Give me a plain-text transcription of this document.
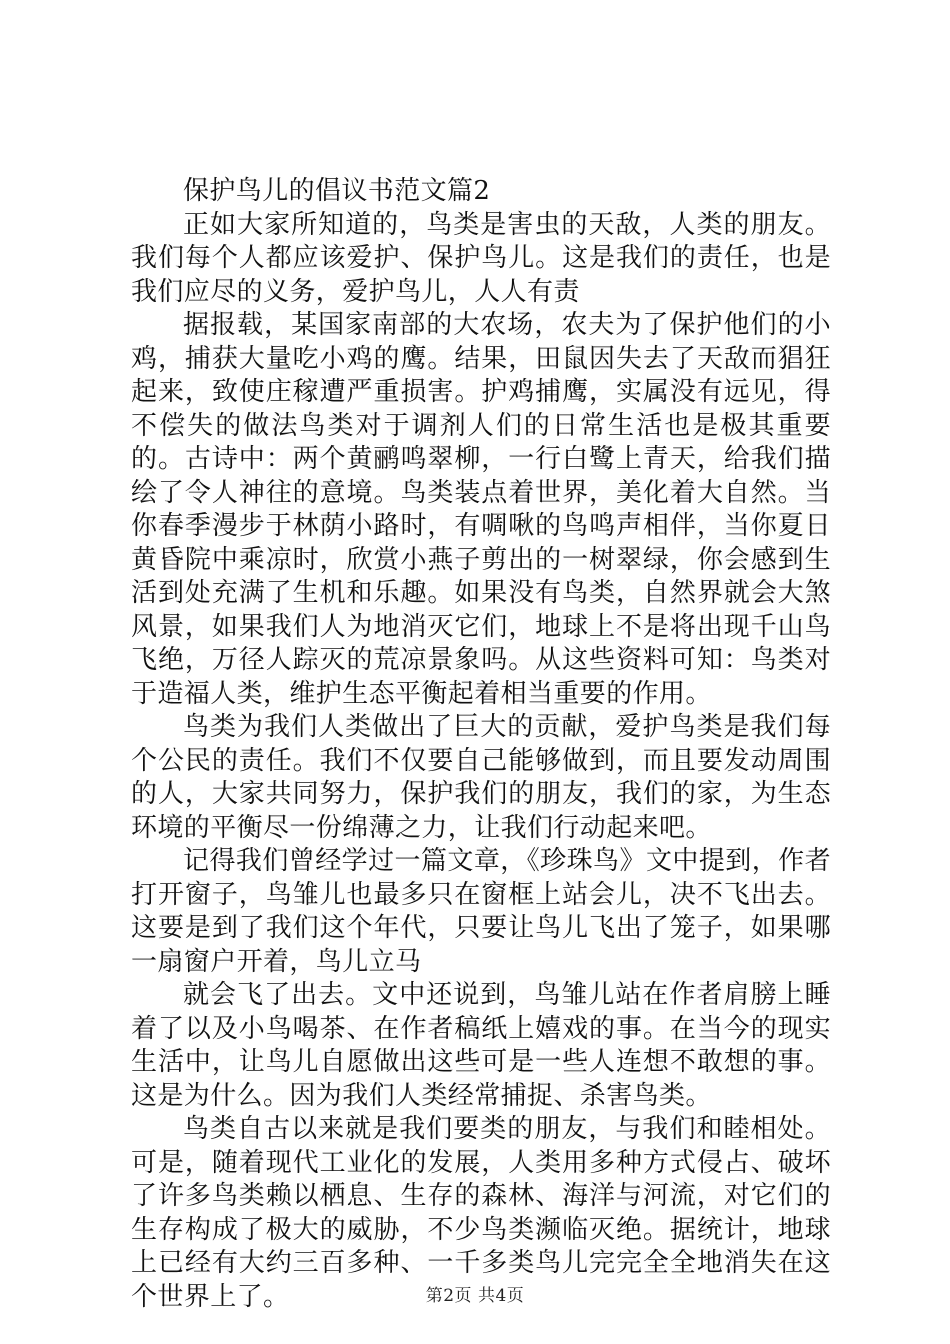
保护鸟儿的倡议书范文篇2

正如大家所知道的，鸟类是害虫的天敌，人类的朋友。我们每个人都应该爱护、保护鸟儿。这是我们的责任，也是我们应尽的义务，爱护鸟儿，人人有责

据报载，某国家南部的大农场，农夫为了保护他们的小鸡，捕获大量吃小鸡的鹰。结果，田鼠因失去了天敌而猖狂起来，致使庄稼遭严重损害。护鸡捕鹰，实属没有远见，得不偿失的做法鸟类对于调剂人们的日常生活也是极其重要的。古诗中：两个黄鹂鸣翠柳，一行白鹭上青天，给我们描绘了令人神往的意境。鸟类装点着世界，美化着大自然。当你春季漫步于林荫小路时，有啁啾的鸟鸣声相伴，当你夏日黄昏院中乘凉时，欣赏小燕子剪出的一树翠绿，你会感到生活到处充满了生机和乐趣。如果没有鸟类，自然界就会大煞风景，如果我们人为地消灭它们，地球上不是将出现千山鸟飞绝，万径人踪灭的荒凉景象吗。从这些资料可知：鸟类对于造福人类，维护生态平衡起着相当重要的作用。

鸟类为我们人类做出了巨大的贡献，爱护鸟类是我们每个公民的责任。我们不仅要自己能够做到，而且要发动周围的人，大家共同努力，保护我们的朋友，我们的家，为生态环境的平衡尽一份绵薄之力，让我们行动起来吧。

记得我们曾经学过一篇文章，《珍珠鸟》文中提到，作者打开窗子，鸟雏儿也最多只在窗框上站会儿，决不飞出去。这要是到了我们这个年代，只要让鸟儿飞出了笼子，如果哪一扇窗户开着，鸟儿立马

就会飞了出去。文中还说到，鸟雏儿站在作者肩膀上睡着了以及小鸟喝茶、在作者稿纸上嬉戏的事。在当今的现实生活中，让鸟儿自愿做出这些可是一些人连想不敢想的事。这是为什么。因为我们人类经常捕捉、杀害鸟类。

鸟类自古以来就是我们要类的朋友，与我们和睦相处。可是，随着现代工业化的发展，人类用多种方式侵占、破坏了许多鸟类赖以栖息、生存的森林、海洋与河流，对它们的生存构成了极大的威胁，不少鸟类濒临灭绝。据统计，地球上已经有大约三百多种、一千多类鸟儿完完全全地消失在这个世界上了。	第2页 共4页
